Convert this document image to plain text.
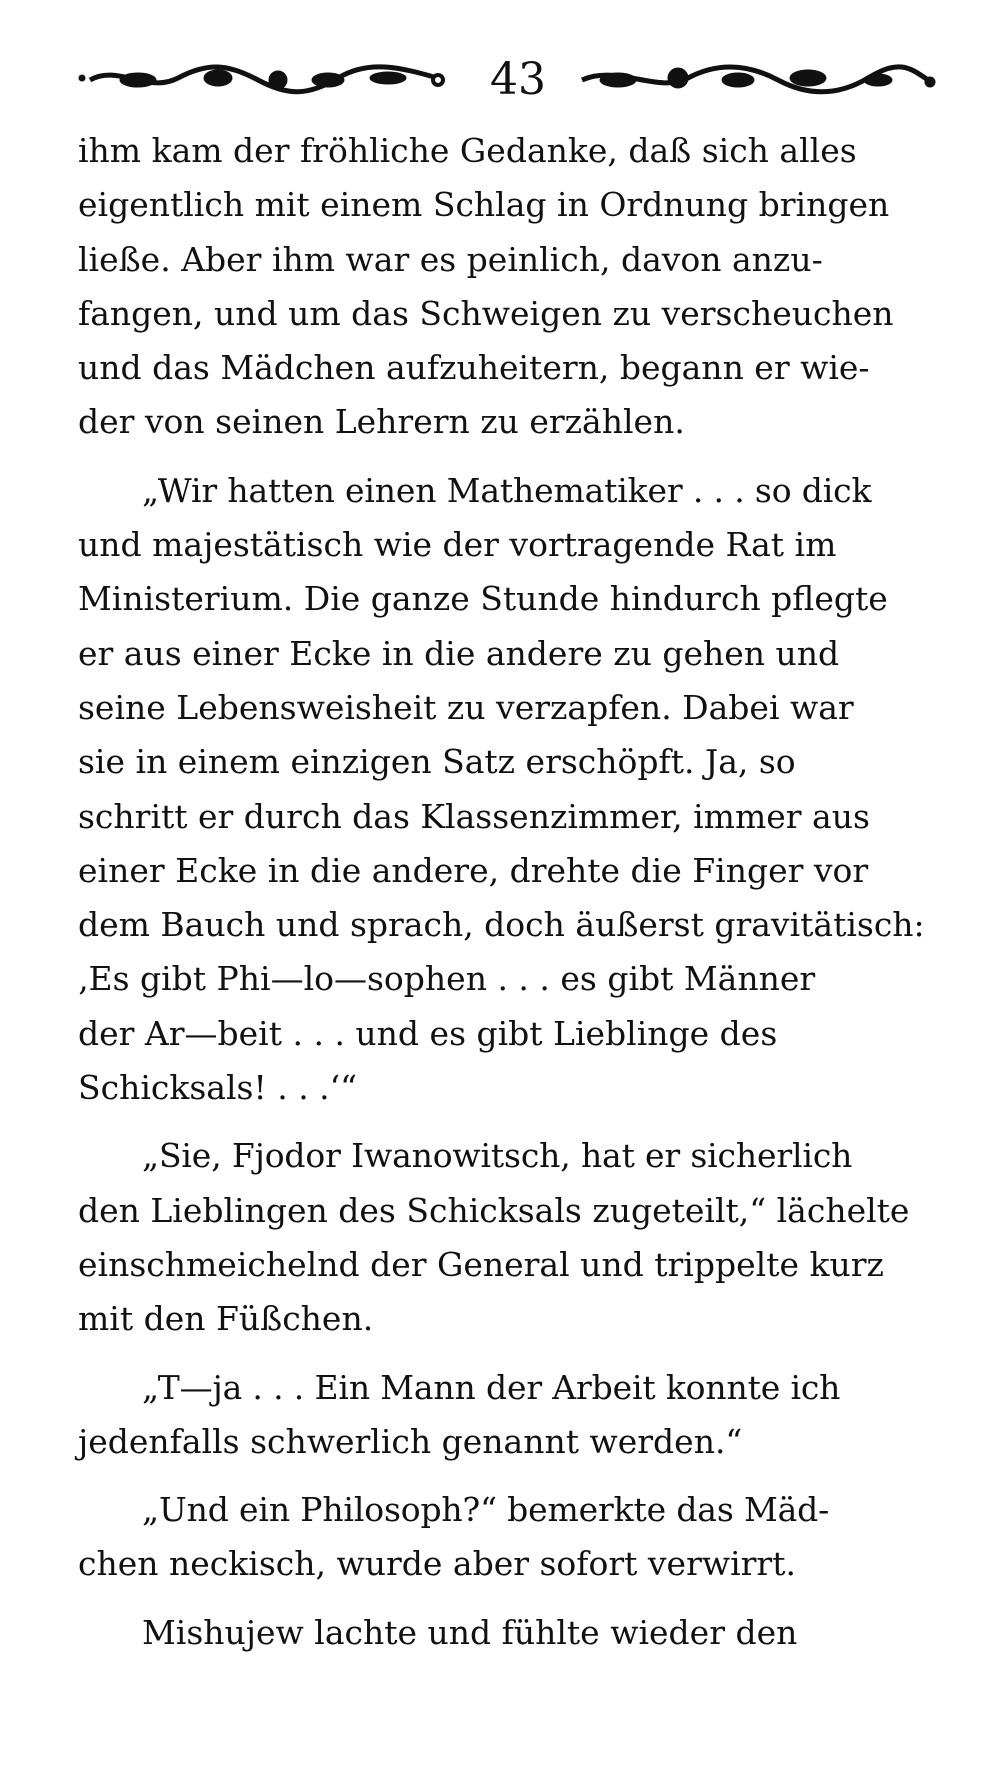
43

ihm kam der fröhliche Gedanke, daß sich alles
eigentlich mit einem Schlag in Ordnung bringen
ließe. Aber ihm war es peinlich, davon anzu-
fangen, und um das Schweigen zu verscheuchen
und das Mädchen aufzuheitern, begann er wie-
der von seinen Lehrern zu erzählen.

„Wir hatten einen Mathematiker . . . so dick
und majestätisch wie der vortragende Rat im
Ministerium. Die ganze Stunde hindurch pflegte
er aus einer Ecke in die andere zu gehen und
seine Lebensweisheit zu verzapfen. Dabei war
sie in einem einzigen Satz erschöpft. Ja, so
schritt er durch das Klassenzimmer, immer aus
einer Ecke in die andere, drehte die Finger vor
dem Bauch und sprach, doch äußerst gravitätisch:
‚Es gibt Phi—lo—sophen . . . es gibt Männer
der Ar—beit . . . und es gibt Lieblinge des
Schicksals! . . .‘“

„Sie, Fjodor Iwanowitsch, hat er sicherlich
den Lieblingen des Schicksals zugeteilt,“ lächelte
einschmeichelnd der General und trippelte kurz
mit den Füßchen.

„T—ja . . . Ein Mann der Arbeit konnte ich
jedenfalls schwerlich genannt werden.“

„Und ein Philosoph?“ bemerkte das Mäd-
chen neckisch, wurde aber sofort verwirrt.

Mishujew lachte und fühlte wieder den
